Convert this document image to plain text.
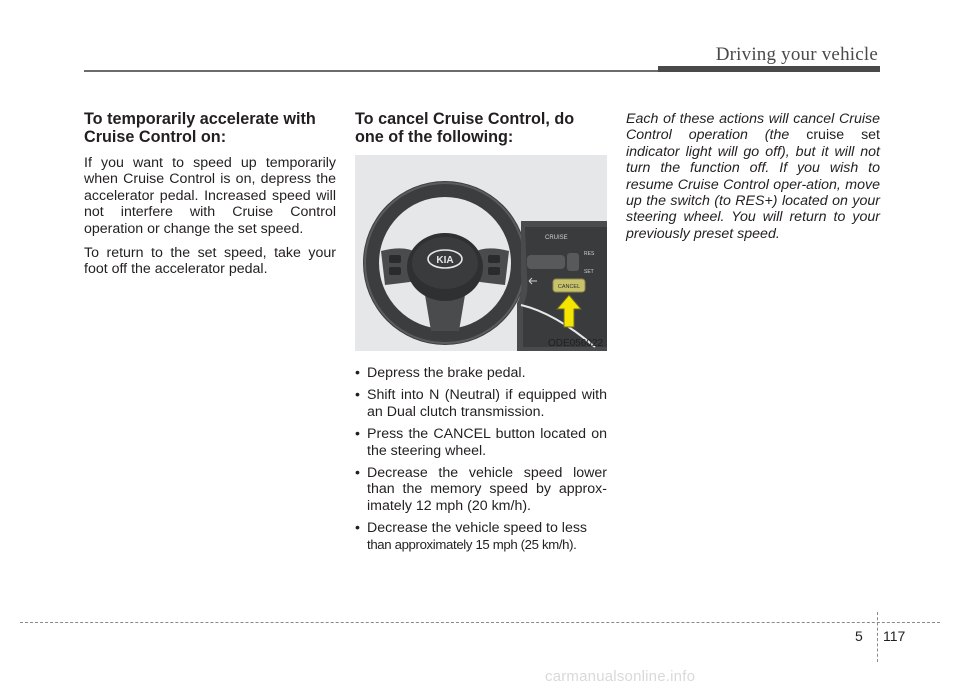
Driving your vehicle
To temporarily accelerate with Cruise Control on:

If you want to speed up temporarily when Cruise Control is on, depress the accelerator pedal. Increased speed will not interfere with Cruise Control operation or change the set speed.

To return to the set speed, take your foot off the accelerator pedal.

To cancel Cruise Control, do one of the following:
KIA
CRUISE
RES
SET
CANCEL
ODE056022
• Depress the brake pedal.
• Shift into N (Neutral) if equipped with an Dual clutch transmission.
• Press the CANCEL button located on the steering wheel.
• Decrease the vehicle speed lower than the memory speed by approx-imately 12 mph (20 km/h).
• Decrease the vehicle speed to less
than approximately 15 mph (25 km/h).

Each of these actions will cancel Cruise Control operation (the cruise set indicator light will go off), but it will not turn the function off. If you wish to resume Cruise Control oper-ation, move up the switch (to RES+) located on your steering wheel. You will return to your previously preset speed.

5 117
carmanualsonline.info
